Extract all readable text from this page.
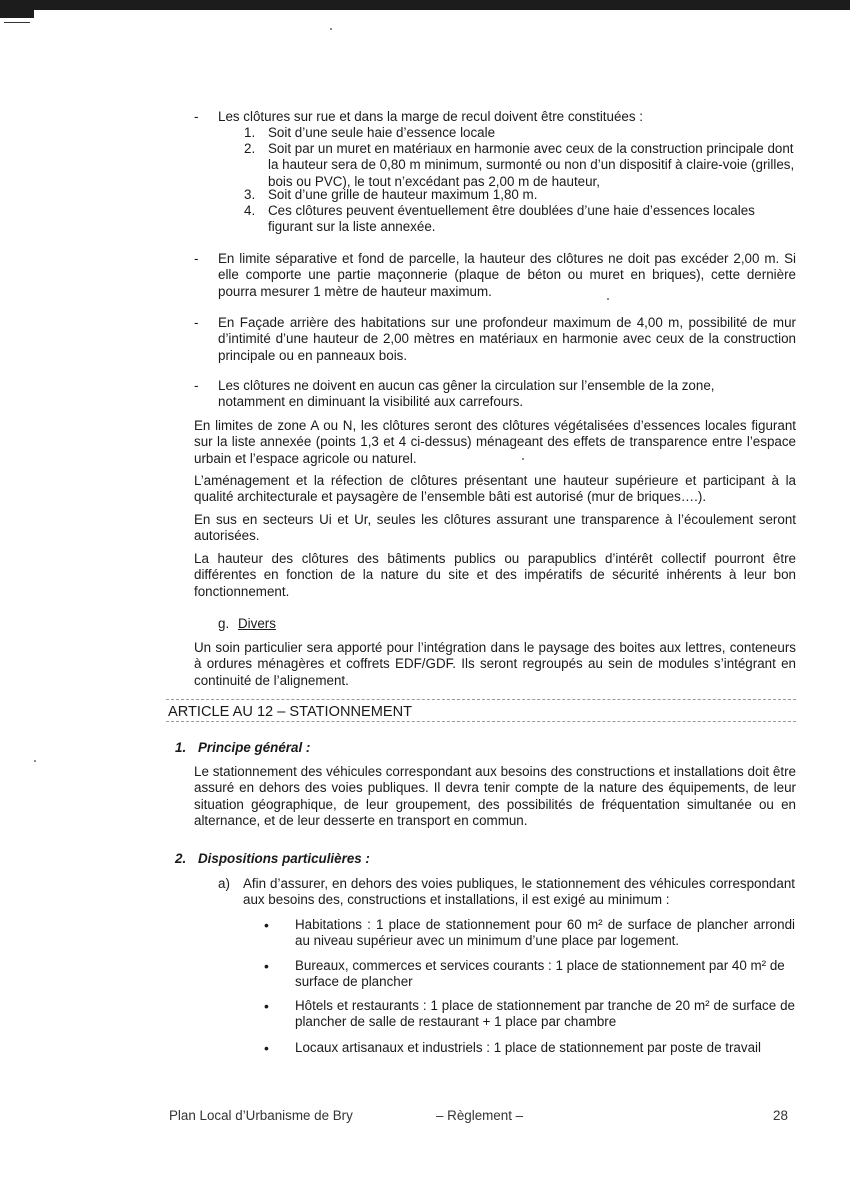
- Les clôtures sur rue et dans la marge de recul doivent être constituées :
1. Soit d’une seule haie d’essence locale
2. Soit par un muret en matériaux en harmonie avec ceux de la construction principale dont la hauteur sera de 0,80 m minimum, surmonté ou non d’un dispositif à claire-voie (grilles, bois ou PVC), le tout n’excédant pas 2,00 m de hauteur,
3. Soit d’une grille de hauteur maximum 1,80 m.
4. Ces clôtures peuvent éventuellement être doublées d’une haie d’essences locales figurant sur la liste annexée.
- En limite séparative et fond de parcelle, la hauteur des clôtures ne doit pas excéder 2,00 m. Si elle comporte une partie maçonnerie (plaque de béton ou muret en briques), cette dernière pourra mesurer 1 mètre de hauteur maximum.
- En Façade arrière des habitations sur une profondeur maximum de 4,00 m, possibilité de mur d’intimité d’une hauteur de 2,00 mètres en matériaux en harmonie avec ceux de la construction principale ou en panneaux bois.
- Les clôtures ne doivent en aucun cas gêner la circulation sur l’ensemble de la zone, notamment en diminuant la visibilité aux carrefours.
En limites de zone A ou N, les clôtures seront des clôtures végétalisées d’essences locales figurant sur la liste annexée (points 1,3 et 4 ci-dessus) ménageant des effets de transparence entre l’espace urbain et l’espace agricole ou naturel.
L’aménagement et la réfection de clôtures présentant une hauteur supérieure et participant à la qualité architecturale et paysagère de l’ensemble bâti est autorisé (mur de briques….).
En sus en secteurs Ui et Ur, seules les clôtures assurant une transparence à l’écoulement seront autorisées.
La hauteur des clôtures des bâtiments publics ou parapublics d’intérêt collectif pourront être différentes en fonction de la nature du site et des impératifs de sécurité inhérents à leur bon fonctionnement.
g. Divers
Un soin particulier sera apporté pour l’intégration dans le paysage des boites aux lettres, conteneurs à ordures ménagères et coffrets EDF/GDF. Ils seront regroupés au sein de modules s’intégrant en continuité de l’alignement.
ARTICLE AU 12 – STATIONNEMENT
1. Principe général :
Le stationnement des véhicules correspondant aux besoins des constructions et installations doit être assuré en dehors des voies publiques. Il devra tenir compte de la nature des équipements, de leur situation géographique, de leur groupement, des possibilités de fréquentation simultanée ou en alternance, et de leur desserte en transport en commun.
2. Dispositions particulières :
a) Afin d’assurer, en dehors des voies publiques, le stationnement des véhicules correspondant aux besoins des, constructions et installations, il est exigé au minimum :
• Habitations : 1 place de stationnement pour 60 m² de surface de plancher arrondi au niveau supérieur avec un minimum d’une place par logement.
• Bureaux, commerces et services courants : 1 place de stationnement par 40 m² de surface de plancher
• Hôtels et restaurants : 1 place de stationnement par tranche de 20 m² de surface de plancher de salle de restaurant + 1 place par chambre
• Locaux artisanaux et industriels : 1 place de stationnement par poste de travail
Plan Local d’Urbanisme de Bry	– Règlement –	28
